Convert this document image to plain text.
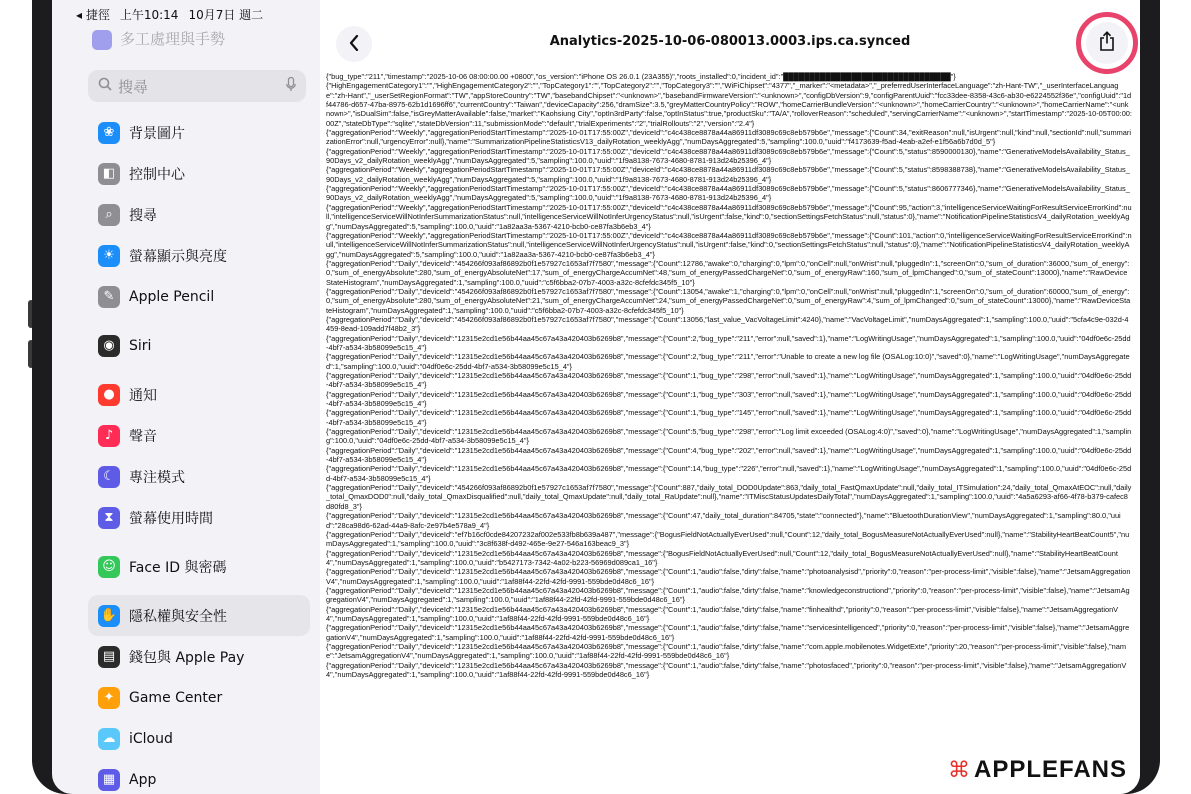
◂ 捷徑 上午10:14 10月7日 週二
多工處理與手勢
搜尋
❀	背景圖片
◧ 控制中心
⌕	搜尋
☀	螢幕顯示與亮度
✎	Apple Pencil
◉	Siri
●	通知
♪	聲音
☾	專注模式
⧗	螢幕使用時間
☺ Face ID 與密碼
✋ 隱私權與安全性
▤ 錢包與 Apple Pay
✦	Game Center
☁ iCloud
▦ App
Analytics-2025-10-06-080013.0003.ips.ca.synced
{"bug_type":"211","timestamp":"2025-10-06 08:00:00.00 +0800","os_version":"iPhone OS 26.0.1 (23A355)","roots_installed":0,"incident_id":"████████████████████████████████"}
{"HighEngagementCategory1":"","HighEngagementCategory2":"","TopCategory1":"","TopCategory2":"","TopCategory3":"","WiFiChipset":"4377","_marker":"<metadata>","_preferredUserInterfaceLanguage":"zh-Hant-TW","_userInterfaceLanguage":"zh-Hant","_userSetRegionFormat":"TW","appStoreCountry":"TW","basebandChipset":"<unknown>","basebandFirmwareVersion":"<unknown>","configDbVersion":9,"configParentUuid":"fcc33dee-8358-43c6-ab30-e6224552f36e","configUuid":"1df44786-d657-47ba-8975-62b1d1696ff6","currentCountry":"Taiwan","deviceCapacity":256,"dramSize":3.5,"greyMatterCountryPolicy":"ROW","homeCarrierBundleVersion":"<unknown>","homeCarrierCountry":"<unknown>","homeCarrierName":"<unknown>","isDualSim":false,"isGreyMatterAvailable":false,"market":"Kaohsiung City","optIn3rdParty":false,"optInStatus":true,"productSku":"TA/A","rolloverReason":"scheduled","servingCarrierName":"<unknown>","startTimestamp":"2025-10-05T00:00:00Z","stateDbType":"sqlite","stateDbVersion":11,"submissionMode":"default","trialExperiments":"2","trialRollouts":"2","version":"2.4"}
{"aggregationPeriod":"Weekly","aggregationPeriodStartTimestamp":"2025-10-01T17:55:00Z","deviceId":"c4c438ce8878a44a86911df3089c69c8eb579b6e","message":{"Count":34,"exitReason":null,"isUrgent":null,"kind":null,"sectionId":null,"summarizationError":null,"urgencyError":null},"name":"SummarizationPipelineStatisticsV13_dailyRotation_weeklyAgg","numDaysAggregated":5,"sampling":100.0,"uuid":"f4173639-f5ad-4eab-a2ef-e1f56a6b7d0d_5"}
{"aggregationPeriod":"Weekly","aggregationPeriodStartTimestamp":"2025-10-01T17:55:00Z","deviceId":"c4c438ce8878a44a86911df3089c69c8eb579b6e","message":{"Count":5,"status":8590000130},"name":"GenerativeModelsAvailability_Status_90Days_v2_dailyRotation_weeklyAgg","numDaysAggregated":5,"sampling":100.0,"uuid":"1f9a8138-7673-4680-8781-913d24b25396_4"}
{"aggregationPeriod":"Weekly","aggregationPeriodStartTimestamp":"2025-10-01T17:55:00Z","deviceId":"c4c438ce8878a44a86911df3089c69c8eb579b6e","message":{"Count":5,"status":8598388738},"name":"GenerativeModelsAvailability_Status_90Days_v2_dailyRotation_weeklyAgg","numDaysAggregated":5,"sampling":100.0,"uuid":"1f9a8138-7673-4680-8781-913d24b25396_4"}
{"aggregationPeriod":"Weekly","aggregationPeriodStartTimestamp":"2025-10-01T17:55:00Z","deviceId":"c4c438ce8878a44a86911df3089c69c8eb579b6e","message":{"Count":5,"status":8606777346},"name":"GenerativeModelsAvailability_Status_90Days_v2_dailyRotation_weeklyAgg","numDaysAggregated":5,"sampling":100.0,"uuid":"1f9a8138-7673-4680-8781-913d24b25396_4"}
{"aggregationPeriod":"Weekly","aggregationPeriodStartTimestamp":"2025-10-01T17:55:00Z","deviceId":"c4c438ce8878a44a86911df3089c69c8eb579b6e","message":{"Count":95,"action":3,"intelligenceServiceWaitingForResultServiceErrorKind":null,"intelligenceServiceWillNotInferSummarizationStatus":null,"intelligenceServiceWillNotInferUrgencyStatus":null,"isUrgent":false,"kind":0,"sectionSettingsFetchStatus":null,"status":0},"name":"NotificationPipelineStatisticsV4_dailyRotation_weeklyAgg","numDaysAggregated":5,"sampling":100.0,"uuid":"1a82aa3a-5367-4210-bcb0-ce87fa3b6eb3_4"}
{"aggregationPeriod":"Weekly","aggregationPeriodStartTimestamp":"2025-10-01T17:55:00Z","deviceId":"c4c438ce8878a44a86911df3089c69c8eb579b6e","message":{"Count":101,"action":0,"intelligenceServiceWaitingForResultServiceErrorKind":null,"intelligenceServiceWillNotInferSummarizationStatus":null,"intelligenceServiceWillNotInferUrgencyStatus":null,"isUrgent":false,"kind":0,"sectionSettingsFetchStatus":null,"status":0},"name":"NotificationPipelineStatisticsV4_dailyRotation_weeklyAgg","numDaysAggregated":5,"sampling":100.0,"uuid":"1a82aa3a-5367-4210-bcb0-ce87fa3b6eb3_4"}
{"aggregationPeriod":"Daily","deviceId":"454266f093af86892b0f1e57927c1653af7f7580","message":{"Count":12786,"awake":0,"charging":0,"lpm":0,"onCell":null,"onWrist":null,"pluggedIn":1,"screenOn":0,"sum_of_duration":36000,"sum_of_energy":0,"sum_of_energyAbsolute":280,"sum_of_energyAbsoluteNet":17,"sum_of_energyChargeAccumNet":48,"sum_of_energyPassedChargeNet":0,"sum_of_energyRaw":160,"sum_of_lpmChanged":0,"sum_of_stateCount":13000},"name":"RawDeviceStateHistogram","numDaysAggregated":1,"sampling":100.0,"uuid":"c5f6bba2-07b7-4003-a32c-8cfefdc345f5_10"}
{"aggregationPeriod":"Daily","deviceId":"454266f093af86892b0f1e57927c1653af7f7580","message":{"Count":13054,"awake":1,"charging":0,"lpm":0,"onCell":null,"onWrist":null,"pluggedIn":1,"screenOn":0,"sum_of_duration":60000,"sum_of_energy":0,"sum_of_energyAbsolute":280,"sum_of_energyAbsoluteNet":21,"sum_of_energyChargeAccumNet":24,"sum_of_energyPassedChargeNet":0,"sum_of_energyRaw":4,"sum_of_lpmChanged":0,"sum_of_stateCount":13000},"name":"RawDeviceStateHistogram","numDaysAggregated":1,"sampling":100.0,"uuid":"c5f6bba2-07b7-4003-a32c-8cfefdc345f5_10"}
{"aggregationPeriod":"Daily","deviceId":"454266f093af86892b0f1e57927c1653af7f7580","message":{"Count":13056,"last_value_VacVoltageLimit":4240},"name":"VacVoltageLimit","numDaysAggregated":1,"sampling":100.0,"uuid":"5cfa4c9e-032d-4459-8ead-109add7f48b2_3"}
{"aggregationPeriod":"Daily","deviceId":"12315e2cd1e56b44aa45c67a43a420403b6269b8","message":{"Count":2,"bug_type":"211","error":null,"saved":1},"name":"LogWritingUsage","numDaysAggregated":1,"sampling":100.0,"uuid":"04df0e6c-25dd-4bf7-a534-3b58099e5c15_4"}
{"aggregationPeriod":"Daily","deviceId":"12315e2cd1e56b44aa45c67a43a420403b6269b8","message":{"Count":2,"bug_type":"211","error":"Unable to create a new log file (OSALog:10:0)","saved":0},"name":"LogWritingUsage","numDaysAggregated":1,"sampling":100.0,"uuid":"04df0e6c-25dd-4bf7-a534-3b58099e5c15_4"}
{"aggregationPeriod":"Daily","deviceId":"12315e2cd1e56b44aa45c67a43a420403b6269b8","message":{"Count":1,"bug_type":"298","error":null,"saved":1},"name":"LogWritingUsage","numDaysAggregated":1,"sampling":100.0,"uuid":"04df0e6c-25dd-4bf7-a534-3b58099e5c15_4"}
{"aggregationPeriod":"Daily","deviceId":"12315e2cd1e56b44aa45c67a43a420403b6269b8","message":{"Count":1,"bug_type":"303","error":null,"saved":1},"name":"LogWritingUsage","numDaysAggregated":1,"sampling":100.0,"uuid":"04df0e6c-25dd-4bf7-a534-3b58099e5c15_4"}
{"aggregationPeriod":"Daily","deviceId":"12315e2cd1e56b44aa45c67a43a420403b6269b8","message":{"Count":1,"bug_type":"145","error":null,"saved":1},"name":"LogWritingUsage","numDaysAggregated":1,"sampling":100.0,"uuid":"04df0e6c-25dd-4bf7-a534-3b58099e5c15_4"}
{"aggregationPeriod":"Daily","deviceId":"12315e2cd1e56b44aa45c67a43a420403b6269b8","message":{"Count":5,"bug_type":"298","error":"Log limit exceeded (OSALog:4:0)","saved":0},"name":"LogWritingUsage","numDaysAggregated":1,"sampling":100.0,"uuid":"04df0e6c-25dd-4bf7-a534-3b58099e5c15_4"}
{"aggregationPeriod":"Daily","deviceId":"12315e2cd1e56b44aa45c67a43a420403b6269b8","message":{"Count":4,"bug_type":"202","error":null,"saved":1},"name":"LogWritingUsage","numDaysAggregated":1,"sampling":100.0,"uuid":"04df0e6c-25dd-4bf7-a534-3b58099e5c15_4"}
{"aggregationPeriod":"Daily","deviceId":"12315e2cd1e56b44aa45c67a43a420403b6269b8","message":{"Count":14,"bug_type":"226","error":null,"saved":1},"name":"LogWritingUsage","numDaysAggregated":1,"sampling":100.0,"uuid":"04df0e6c-25dd-4bf7-a534-3b58099e5c15_4"}
{"aggregationPeriod":"Daily","deviceId":"454266f093af86892b0f1e57927c1653af7f7580","message":{"Count":887,"daily_total_DOD0Update":863,"daily_total_FastQmaxUpdate":null,"daily_total_ITSimulation":24,"daily_total_QmaxAtEOC":null,"daily_total_QmaxDOD0":null,"daily_total_QmaxDisqualified":null,"daily_total_QmaxUpdate":null,"daily_total_RaUpdate":null},"name":"ITMiscStatusUpdatesDailyTotal","numDaysAggregated":1,"sampling":100.0,"uuid":"4a5a6293-af66-4f78-b379-cafec8d80fd8_3"}
{"aggregationPeriod":"Daily","deviceId":"12315e2cd1e56b44aa45c67a43a420403b6269b8","message":{"Count":47,"daily_total_duration":84705,"state":"connected"},"name":"BluetoothDurationView","numDaysAggregated":1,"sampling":80.0,"uuid":"28ca98d6-62ad-44a9-8afc-2e97b4e578a9_4"}
{"aggregationPeriod":"Daily","deviceId":"ef7b16cf0cde84207232af002e533fb8b639a487","message":{"BogusFieldNotActuallyEverUsed":null,"Count":12,"daily_total_BogusMeasureNotActuallyEverUsed":null},"name":"StabilityHeartBeatCount5","numDaysAggregated":1,"sampling":100.0,"uuid":"3c8f638f-d492-465e-9e27-546a163beac9_3"}
{"aggregationPeriod":"Daily","deviceId":"12315e2cd1e56b44aa45c67a43a420403b6269b8","message":{"BogusFieldNotActuallyEverUsed":null,"Count":12,"daily_total_BogusMeasureNotActuallyEverUsed":null},"name":"StabilityHeartBeatCount4","numDaysAggregated":1,"sampling":100.0,"uuid":"b5427173-7342-4a02-b223-56969d089ca1_16"}
{"aggregationPeriod":"Daily","deviceId":"12315e2cd1e56b44aa45c67a43a420403b6269b8","message":{"Count":1,"audio":false,"dirty":false,"name":"photoanalysisd","priority":0,"reason":"per-process-limit","visible":false},"name":"JetsamAggregationV4","numDaysAggregated":1,"sampling":100.0,"uuid":"1af88f44-22fd-42fd-9991-559bde0d48c6_16"}
{"aggregationPeriod":"Daily","deviceId":"12315e2cd1e56b44aa45c67a43a420403b6269b8","message":{"Count":1,"audio":false,"dirty":false,"name":"knowledgeconstructiond","priority":0,"reason":"per-process-limit","visible":false},"name":"JetsamAggregationV4","numDaysAggregated":1,"sampling":100.0,"uuid":"1af88f44-22fd-42fd-9991-559bde0d48c6_16"}
{"aggregationPeriod":"Daily","deviceId":"12315e2cd1e56b44aa45c67a43a420403b6269b8","message":{"Count":1,"audio":false,"dirty":false,"name":"finhealthd","priority":0,"reason":"per-process-limit","visible":false},"name":"JetsamAggregationV4","numDaysAggregated":1,"sampling":100.0,"uuid":"1af88f44-22fd-42fd-9991-559bde0d48c6_16"}
{"aggregationPeriod":"Daily","deviceId":"12315e2cd1e56b44aa45c67a43a420403b6269b8","message":{"Count":1,"audio":false,"dirty":false,"name":"servicesintelligenced","priority":0,"reason":"per-process-limit","visible":false},"name":"JetsamAggregationV4","numDaysAggregated":1,"sampling":100.0,"uuid":"1af88f44-22fd-42fd-9991-559bde0d48c6_16"}
{"aggregationPeriod":"Daily","deviceId":"12315e2cd1e56b44aa45c67a43a420403b6269b8","message":{"Count":1,"audio":false,"dirty":false,"name":"com.apple.mobilenotes.WidgetExte","priority":20,"reason":"per-process-limit","visible":false},"name":"JetsamAggregationV4","numDaysAggregated":1,"sampling":100.0,"uuid":"1af88f44-22fd-42fd-9991-559bde0d48c6_16"}
{"aggregationPeriod":"Daily","deviceId":"12315e2cd1e56b44aa45c67a43a420403b6269b8","message":{"Count":1,"audio":false,"dirty":false,"name":"photosfaced","priority":0,"reason":"per-process-limit","visible":false},"name":"JetsamAggregationV4","numDaysAggregated":1,"sampling":100.0,"uuid":"1af88f44-22fd-42fd-9991-559bde0d48c6_16"}
⌘ APPLEFANS
